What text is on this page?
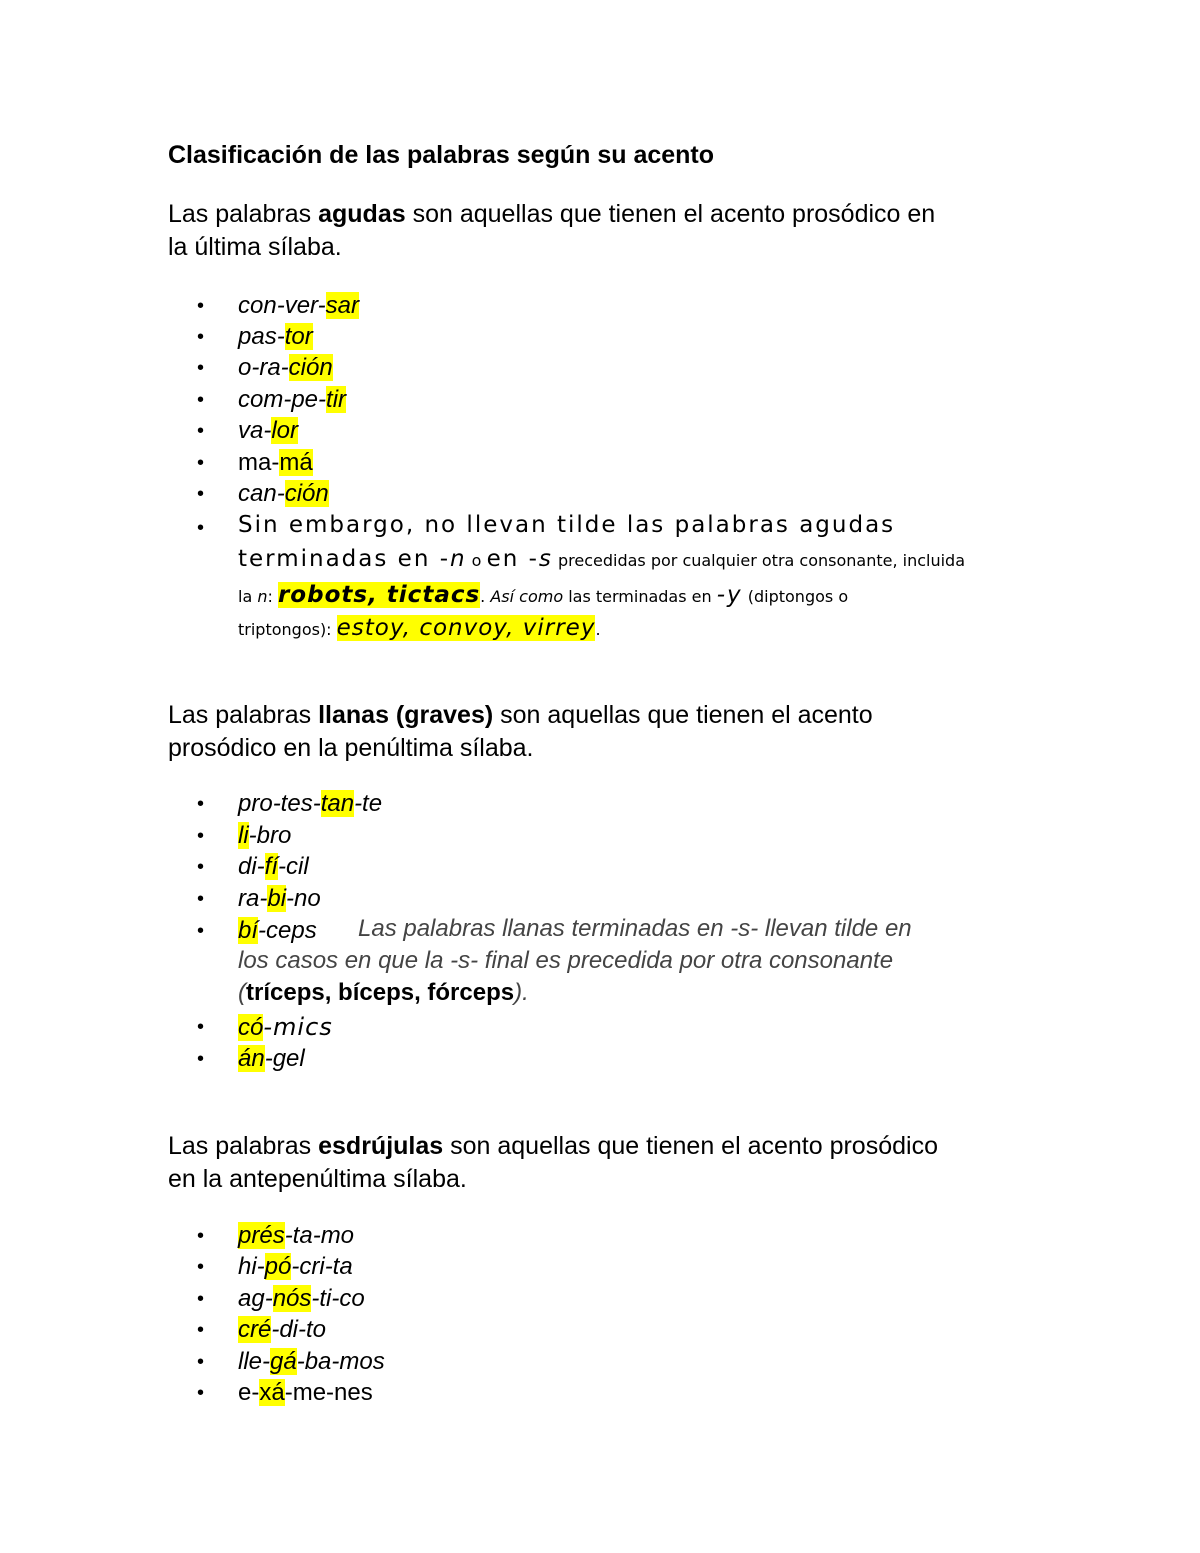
Clasificación de las palabras según su acento
Las palabras agudas son aquellas que tienen el acento prosódico en
la última sílaba.
• con-ver-sar
• pas-tor
• o-ra-ción
• com-pe-tir
• va-lor
• ma-má
• can-ción
• Sin embargo, no llevan tilde las palabras agudas
terminadas en -n o en -s precedidas por cualquier otra consonante, incluida
la n: robots, tictacs. Así como las terminadas en -y (diptongos o
triptongos): estoy, convoy, virrey.
Las palabras llanas (graves) son aquellas que tienen el acento
prosódico en la penúltima sílaba.
• pro-tes-tan-te
• li-bro
• di-fí-cil
• ra-bi-no
• bí-ceps Las palabras llanas terminadas en -s- llevan tilde en
los casos en que la -s- final es precedida por otra consonante
(tríceps, bíceps, fórceps).
• có-mics
• án-gel
Las palabras esdrújulas son aquellas que tienen el acento prosódico
en la antepenúltima sílaba.
• prés-ta-mo
• hi-pó-cri-ta
• ag-nós-ti-co
• cré-di-to
• lle-gá-ba-mos
• e-xá-me-nes
